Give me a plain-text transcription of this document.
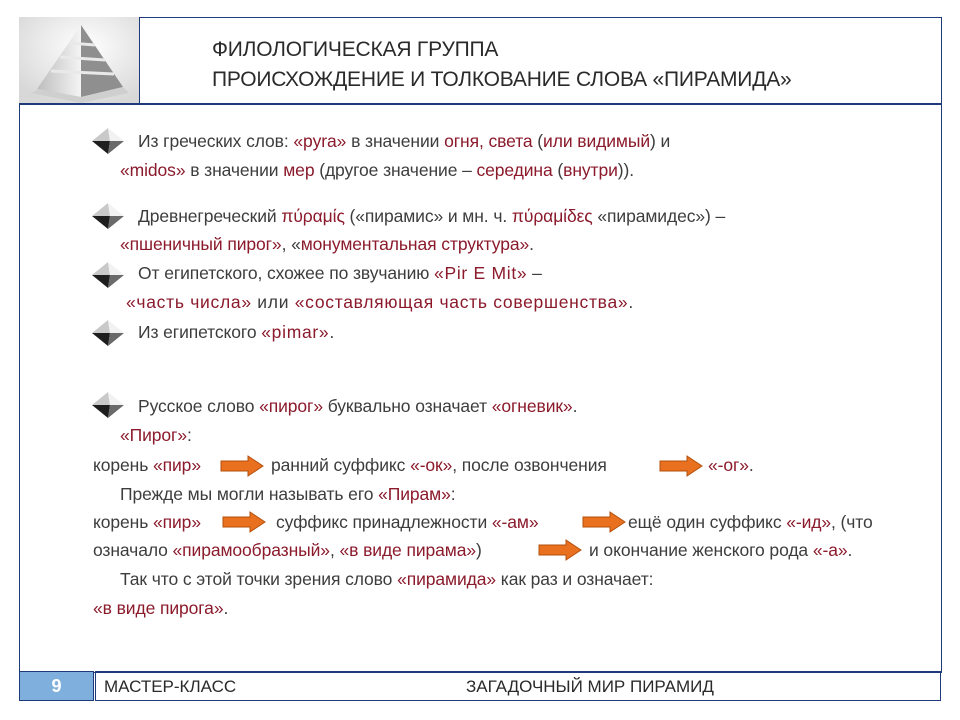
ФИЛОЛОГИЧЕСКАЯ ГРУППА
ПРОИСХОЖДЕНИЕ И ТОЛКОВАНИЕ СЛОВА «ПИРАМИДА»
Из греческих слов: «pyra» в значении огня, света (или видимый) и
«midos» в значении мер (другое значение – середина (внутри)).
Древнегреческий πύραμίς («пирамис» и мн. ч. πύραμίδες «пирамидес») –
«пшеничный пирог», «монументальная структура».
От египетского, схожее по звучанию «Pir E Mit» –
«часть числа» или «составляющая часть совершенства».
Из египетского «pimar».
Русское слово «пирог» буквально означает «огневик».
«Пирог»:
корень «пир»	ранний суффикс «-ок», после озвончения	«-ог».
Прежде мы могли называть его «Пирам»:
корень «пир»	суффикс принадлежности «-ам»	ещё один суффикс «-ид», (что
означало «пирамообразный», «в виде пирама»)	и окончание женского рода «-а».
Так что с этой точки зрения слово «пирамида» как раз и означает:
«в виде пирога».
9	МАСТЕР-КЛАСС	ЗАГАДОЧНЫЙ МИР ПИРАМИД
